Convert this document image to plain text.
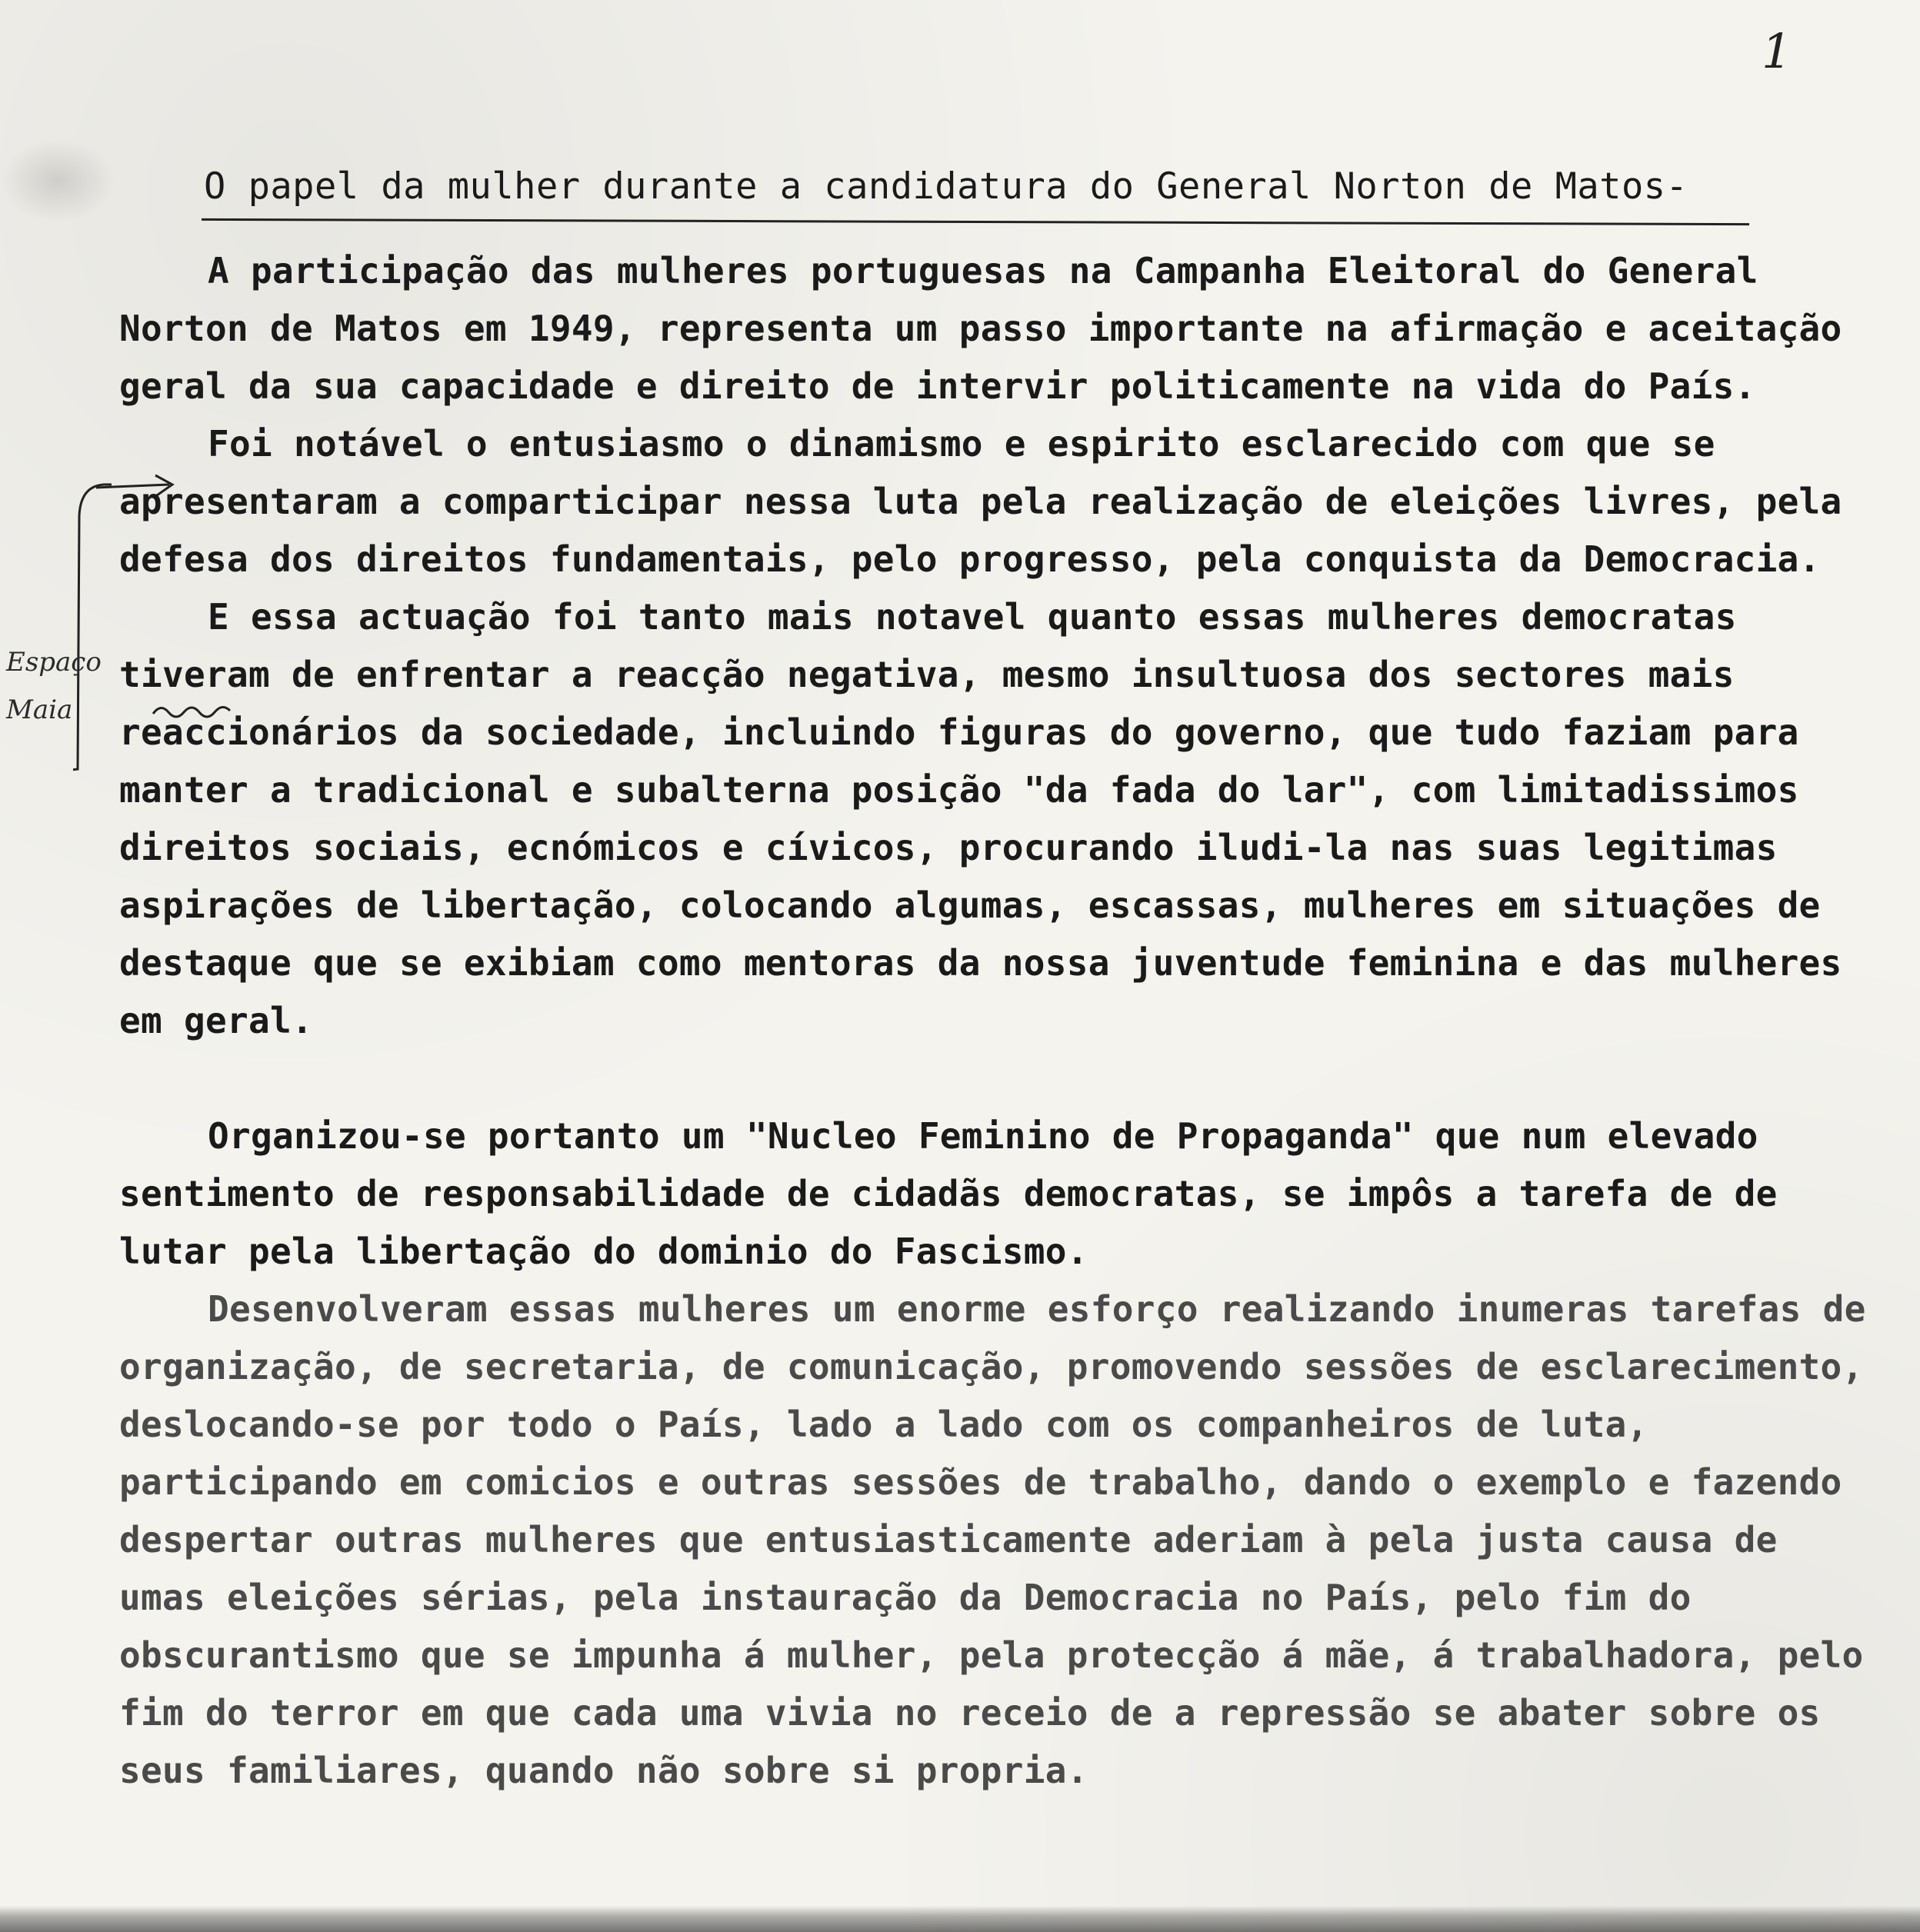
1
O papel da mulher durante a candidatura do General Norton de Matos-
Espaço
Maia

A participação das mulheres portuguesas na Campanha Eleitoral do General Norton de Matos em 1949, representa um passo importante na afirmação e aceitação geral da sua capacidade e direito de intervir politicamente na vida do País.

Foi notável o entusiasmo o dinamismo e espirito esclarecido com que se apresentaram a comparticipar nessa luta pela realização de eleições livres, pela defesa dos direitos fundamentais, pelo progresso, pela conquista da Democracia.

E essa actuação foi tanto mais notavel quanto essas mulheres democratas tiveram de enfrentar a reacção negativa, mesmo insultuosa dos sectores mais reaccionários da sociedade, incluindo figuras do governo, que tudo faziam para manter a tradicional e subalterna posição "da fada do lar", com limitadissimos direitos sociais, ecnómicos e cívicos, procurando iludi-la nas suas legitimas aspirações de libertação, colocando algumas, escassas, mulheres em situações de destaque que se exibiam como mentoras da nossa juventude feminina e das mulheres em geral.

Organizou-se portanto um "Nucleo Feminino de Propaganda" que num elevado sentimento de responsabilidade de cidadãs democratas, se impôs a tarefa de de lutar pela libertação do dominio do Fascismo.

Desenvolveram essas mulheres um enorme esforço realizando inumeras tarefas de organização, de secretaria, de comunicação, promovendo sessões de esclarecimento, deslocando-se por todo o País, lado a lado com os companheiros de luta, participando em comicios e outras sessões de trabalho, dando o exemplo e fazendo despertar outras mulheres que entusiasticamente aderiam à pela justa causa de umas eleições sérias, pela instauração da Democracia no País, pelo fim do obscurantismo que se impunha á mulher, pela protecção á mãe, á trabalhadora, pelo fim do terror em que cada uma vivia no receio de a repressão se abater sobre os seus familiares, quando não sobre si propria.
